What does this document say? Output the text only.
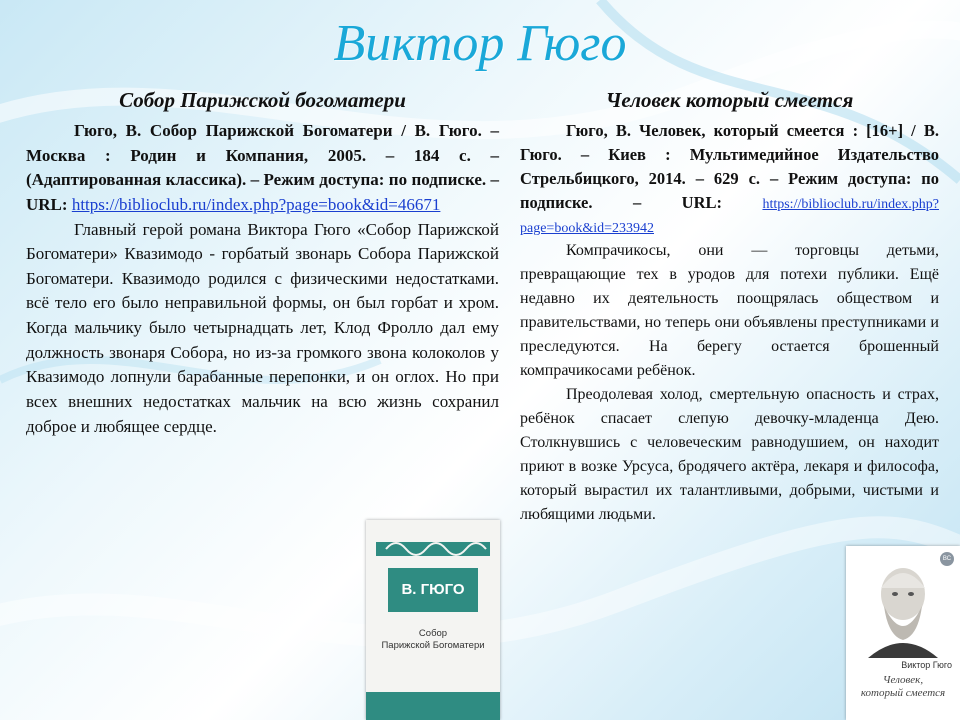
Виктор Гюго

Собор Парижской богоматери

Гюго, В. Собор Парижской Богоматери / В. Гюго. – Москва : Родин и Компания, 2005. – 184 с. – (Адаптированная классика). – Режим доступа: по подписке. – URL: https://biblioclub.ru/index.php?page=book&id=46671

Главный герой романа Виктора Гюго «Собор Парижской Богоматери» Квазимодо - горбатый звонарь Собора Парижской Богоматери. Квазимодо родился с физическими недостатками. всё тело его было неправильной формы, он был горбат и хром. Когда мальчику было четырнадцать лет, Клод Фролло дал ему должность звонаря Собора, но из-за громкого звона колоколов у Квазимодо лопнули барабанные перепонки, и он оглох. Но при всех внешних недостатках мальчик на всю жизнь сохранил доброе и любящее сердце.

В. ГЮГО
Собор
Парижской Богоматери

Человек который смеется

Гюго, В. Человек, который смеется : [16+] / В. Гюго. – Киев : Мультимедийное Издательство Стрельбицкого, 2014. – 629 с. – Режим доступа: по подписке. – URL: https://biblioclub.ru/index.php?page=book&id=233942

Компрачикосы, они — торговцы детьми, превращающие тех в уродов для потехи публики. Ещё недавно их деятельность поощрялась обществом и правительствами, но теперь они объявлены преступниками и преследуются. На берегу остается брошенный компрачикосами ребёнок.

Преодолевая холод, смертельную опасность и страх, ребёнок спасает слепую девочку-младенца Дею. Столкнувшись с человеческим равнодушием, он находит приют в возке Урсуса, бродячего актёра, лекаря и философа, который вырастил их талантливыми, добрыми, чистыми и любящими людьми.

ВС
Виктор Гюго
Человек,
который смеется
